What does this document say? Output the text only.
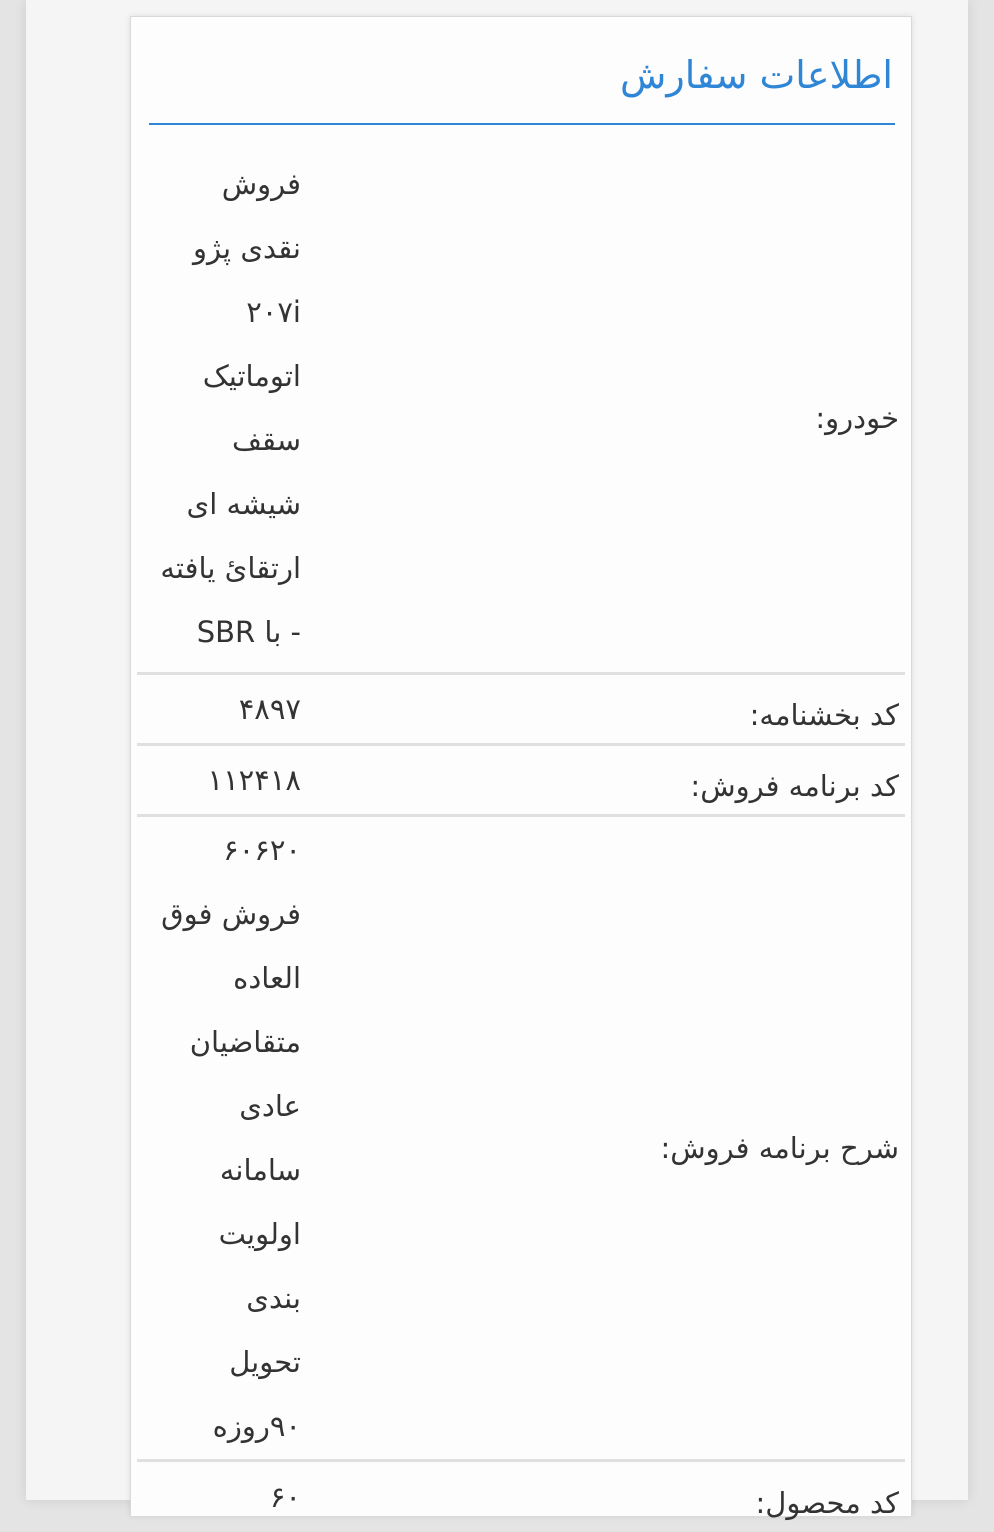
اطلاعات سفارش
خودرو:
فروش
نقدی پژو
۲۰۷i
اتوماتیک
سقف
شیشه ای
ارتقائ یافته
- با SBR
کد بخشنامه:
۴۸۹۷
کد برنامه فروش:
۱۱۲۴۱۸
شرح برنامه فروش:
۶۰۶۲۰
فروش فوق
العاده
متقاضیان
عادی
سامانه
اولویت
بندی
تحویل
۹۰روزه
کد محصول:
۶۰
